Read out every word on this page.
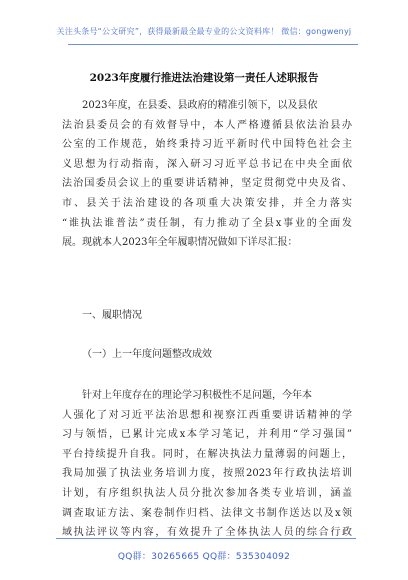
关注头条号“公文研究”，获得最新最全最专业的公文资料库！ 微信：gongwenyj
2023年度履行推进法治建设第一责任人述职报告
2023年度，在县委、县政府的精准引领下，以及县依
法治县委员会的有效督导中，本人严格遵循县依法治县办
公室的工作规范，始终秉持习近平新时代中国特色社会主
义思想为行动指南，深入研习习近平总书记在中央全面依
法治国委员会议上的重要讲话精神，坚定贯彻党中央及省、
市、县关于法治建设的各项重大决策安排，并全力落实
“谁执法谁普法”责任制，有力推动了全县x事业的全面发
展。现就本人2023年全年履职情况做如下详尽汇报：
一、履职情况
（一）上一年度问题整改成效
针对上年度存在的理论学习积极性不足问题，今年本
人强化了对习近平法治思想和视察江西重要讲话精神的学
习与领悟，已累计完成x本学习笔记，并利用“学习强国”
平台持续提升自我。同时，在解决执法力量薄弱的问题上，
我局加强了执法业务培训力度，按照2023年行政执法培训
计划，有序组织执法人员分批次参加各类专业培训，涵盖
调查取证方法、案卷制作归档、法律文书制作送达以及x领
域执法评议等内容，有效提升了全体执法人员的综合行政
QQ群：30265665 QQ群：535304092
